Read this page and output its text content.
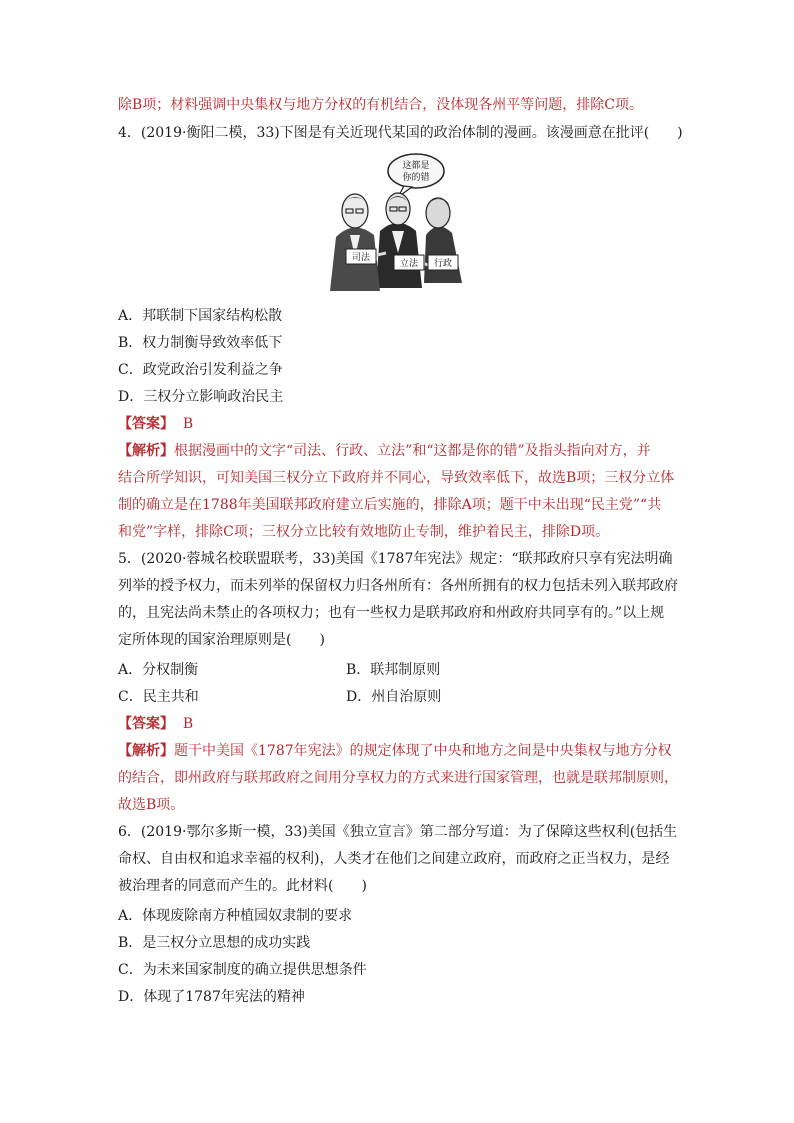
除B项；材料强调中央集权与地方分权的有机结合，没体现各州平等问题，排除C项。
4．(2019·衡阳二模，33)下图是有关近现代某国的政治体制的漫画。该漫画意在批评(　　)
这都是
你的错
司法
立法 行政
A．邦联制下国家结构松散
B．权力制衡导致效率低下
C．政党政治引发利益之争
D．三权分立影响政治民主
【答案】 B
【解析】根据漫画中的文字“司法、行政、立法”和“这都是你的错”及指头指向对方，并
结合所学知识，可知美国三权分立下政府并不同心，导致效率低下，故选B项；三权分立体
制的确立是在1788年美国联邦政府建立后实施的，排除A项；题干中未出现“民主党”“共
和党”字样，排除C项；三权分立比较有效地防止专制，维护着民主，排除D项。
5．(2020·蓉城名校联盟联考，33)美国《1787年宪法》规定：“联邦政府只享有宪法明确
列举的授予权力，而未列举的保留权力归各州所有：各州所拥有的权力包括未列入联邦政府
的，且宪法尚未禁止的各项权力；也有一些权力是联邦政府和州政府共同享有的。”以上规
定所体现的国家治理原则是(　　)
A．分权制衡	B．联邦制原则
C．民主共和	D．州自治原则
【答案】 B
【解析】题干中美国《1787年宪法》的规定体现了中央和地方之间是中央集权与地方分权
的结合，即州政府与联邦政府之间用分享权力的方式来进行国家管理，也就是联邦制原则，
故选B项。
6．(2019·鄂尔多斯一模，33)美国《独立宣言》第二部分写道：为了保障这些权利(包括生
命权、自由权和追求幸福的权利)，人类才在他们之间建立政府，而政府之正当权力，是经
被治理者的同意而产生的。此材料(　　)
A．体现废除南方种植园奴隶制的要求
B．是三权分立思想的成功实践
C．为未来国家制度的确立提供思想条件
D．体现了1787年宪法的精神
